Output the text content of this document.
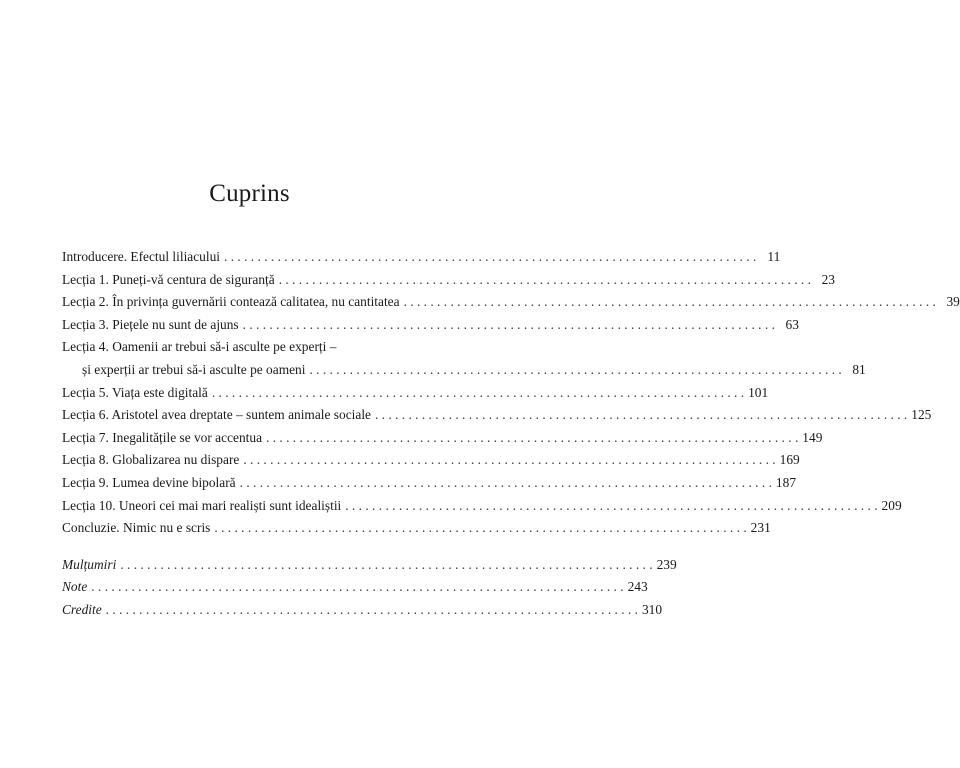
Cuprins
Introducere. Efectul liliacului . . .	11
Lecția 1. Puneți-vă centura de siguranță . . .	23
Lecția 2. În privința guvernării contează calitatea, nu cantitatea . . .	39
Lecția 3. Piețele nu sunt de ajuns . . .	63
Lecția 4. Oamenii ar trebui să-i asculte pe experți –
și experții ar trebui să-i asculte pe oameni . . .	81
Lecția 5. Viața este digitală . . .	101
Lecția 6. Aristotel avea dreptate – suntem animale sociale . . .	125
Lecția 7. Inegalitățile se vor accentua . . .	149
Lecția 8. Globalizarea nu dispare . . .	169
Lecția 9. Lumea devine bipolară . . .	187
Lecția 10. Uneori cei mai mari realiști sunt idealiștii . . .	209
Concluzie. Nimic nu e scris . . .	231
Mulțumiri . . .	239
Note . . .	243
Credite . . .	310
